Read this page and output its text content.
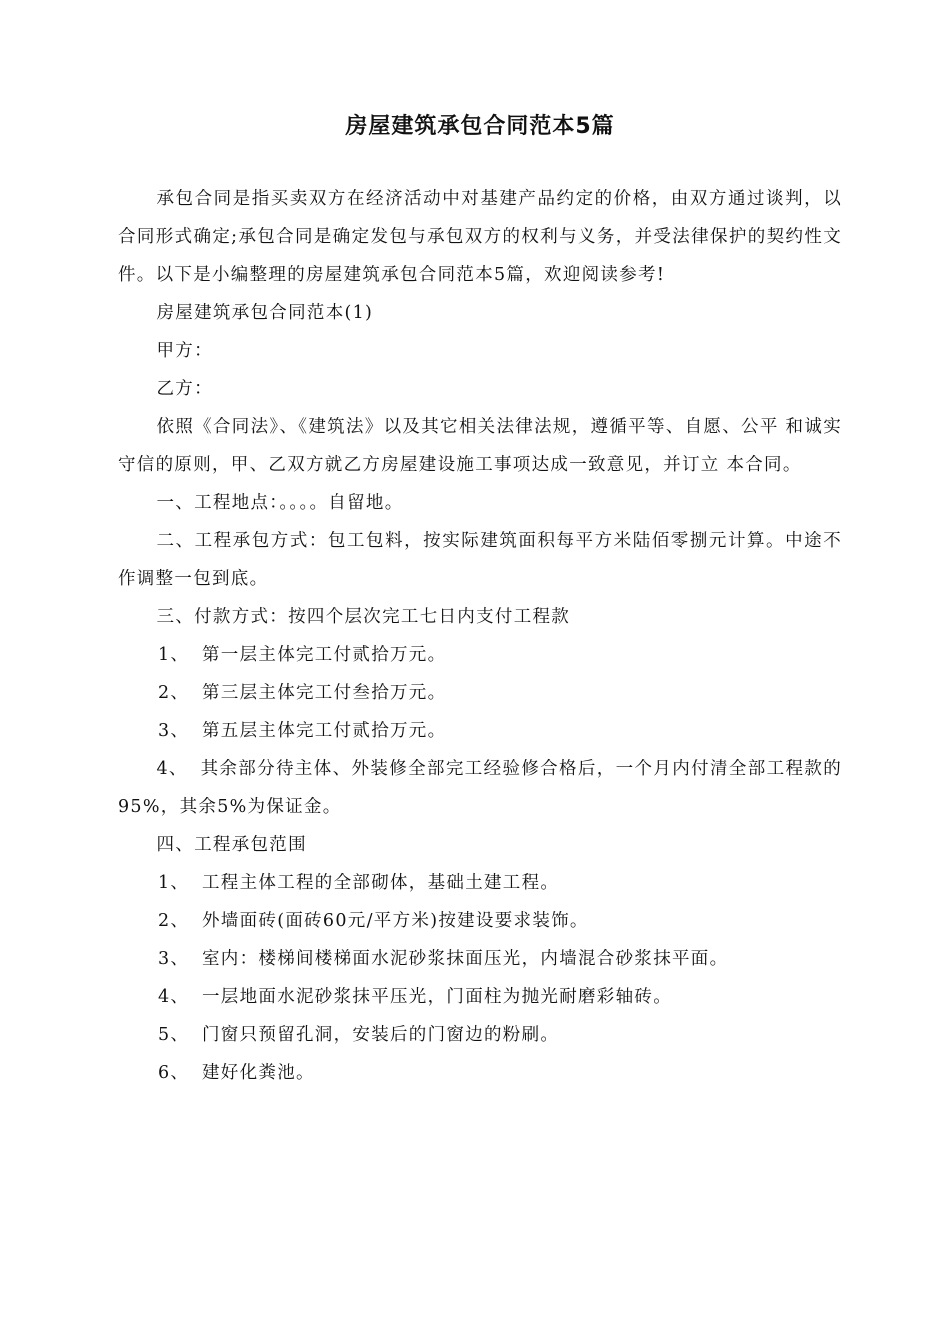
房屋建筑承包合同范本5篇

承包合同是指买卖双方在经济活动中对基建产品约定的价格，由双方通过谈判，以合同形式确定;承包合同是确定发包与承包双方的权利与义务，并受法律保护的契约性文件。以下是小编整理的房屋建筑承包合同范本5篇，欢迎阅读参考!

房屋建筑承包合同范本(1)

甲方：

乙方：

依照《合同法》、《建筑法》以及其它相关法律法规，遵循平等、自愿、公平 和诚实守信的原则，甲、乙双方就乙方房屋建设施工事项达成一致意见，并订立 本合同。

一、工程地点：。。。。自留地。

二、工程承包方式：包工包料，按实际建筑面积每平方米陆佰零捌元计算。中途不作调整一包到底。

三、付款方式：按四个层次完工七日内支付工程款

1、 第一层主体完工付贰拾万元。

2、 第三层主体完工付叁拾万元。

3、 第五层主体完工付贰拾万元。

4、 其余部分待主体、外装修全部完工经验修合格后，一个月内付清全部工程款的95%，其余5%为保证金。

四、工程承包范围

1、 工程主体工程的全部砌体，基础土建工程。

2、 外墙面砖(面砖60元/平方米)按建设要求装饰。

3、 室内：楼梯间楼梯面水泥砂浆抹面压光，内墙混合砂浆抹平面。

4、 一层地面水泥砂浆抹平压光，门面柱为抛光耐磨彩轴砖。

5、 门窗只预留孔洞，安装后的门窗边的粉刷。

6、 建好化粪池。
